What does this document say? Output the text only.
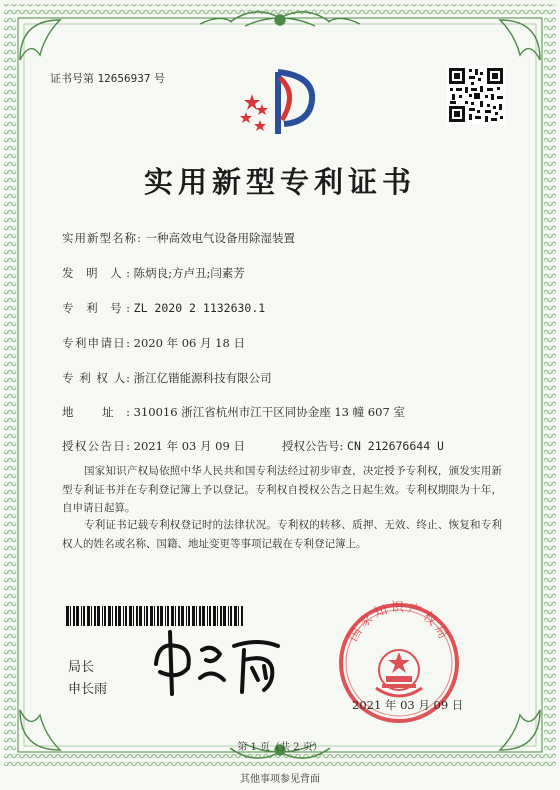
证书号第 12656937 号
实用新型专利证书
实用新型名称: 一种高效电气设备用除湿装置
发 明 人: 陈炳良;方卢丑;闫素芳
专 利 号: ZL 2020 2 1132630.1
专利申请日: 2020 年 06 月 18 日
专 利 权 人: 浙江亿锴能源科技有限公司
地 址: 310016 浙江省杭州市江干区同协金座 13 幢 607 室
授权公告日: 2021 年 03 月 09 日	授权公告号: CN 212676644 U
国家知识产权局依照中华人民共和国专利法经过初步审查，决定授予专利权，颁发实用新型专利证书并在专利登记簿上予以登记。专利权自授权公告之日起生效。专利权期限为十年，自申请日起算。
专利证书记载专利权登记时的法律状况。专利权的转移、质押、无效、终止、恢复和专利权人的姓名或名称、国籍、地址变更等事项记载在专利登记簿上。
局长
申长雨
国家知识产权局
2021 年 03 月 09 日
第 1 页（共 2 页）
其他事项参见背面
